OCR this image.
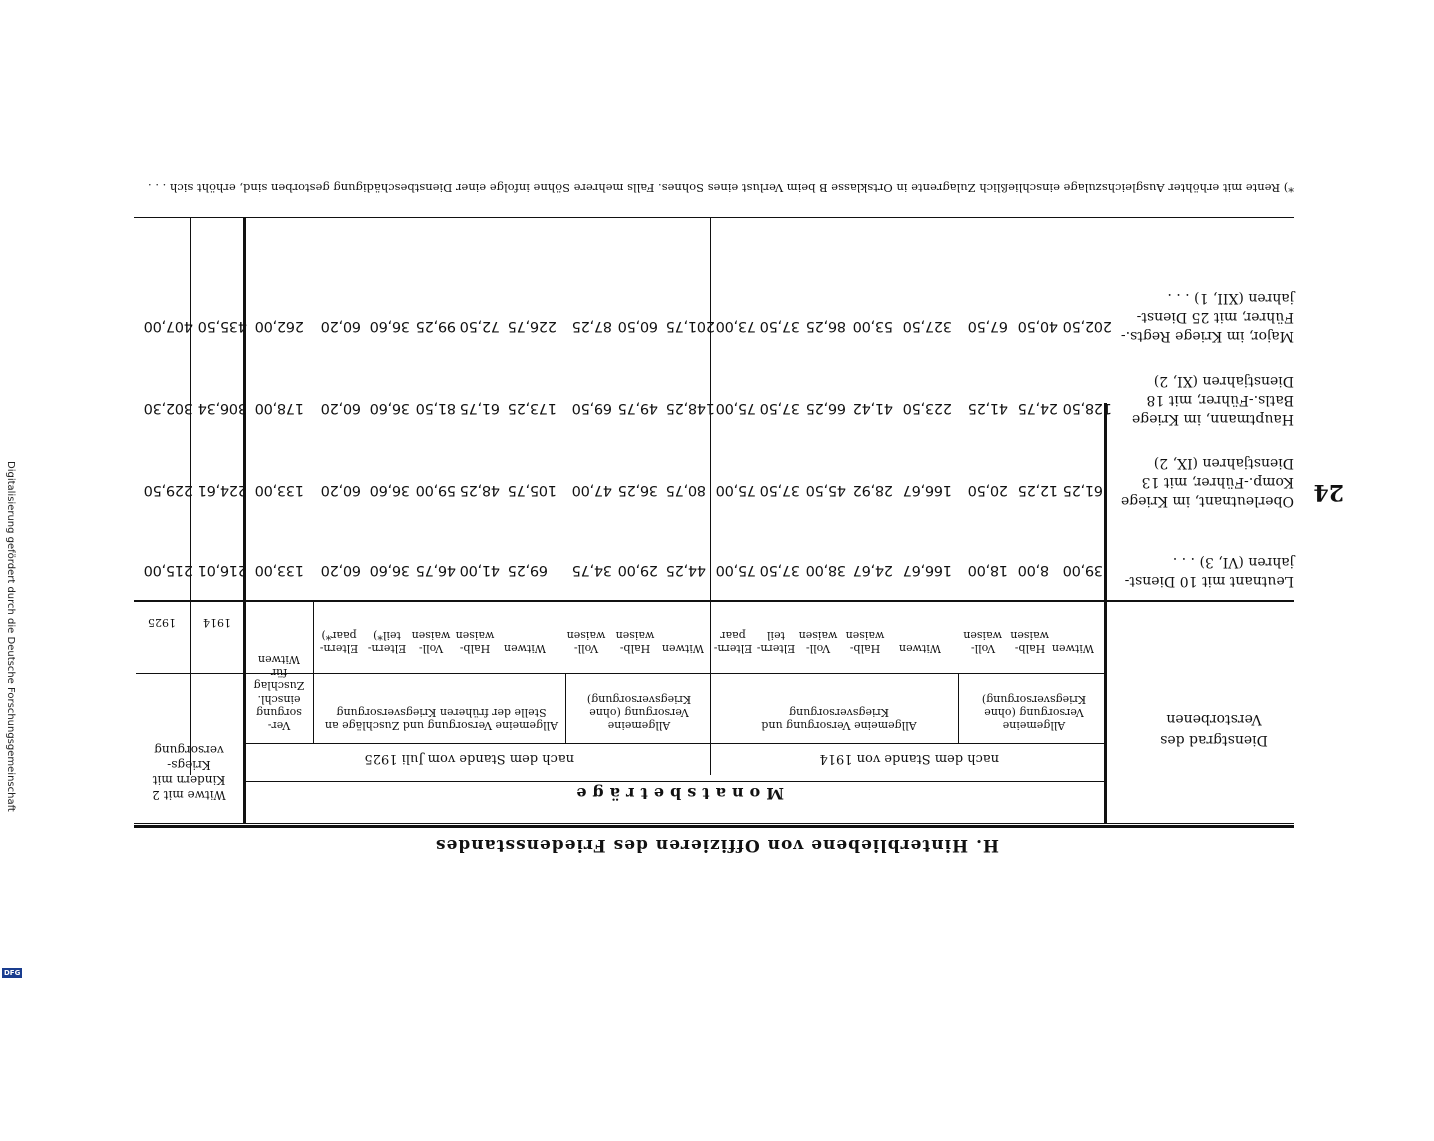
24
H. Hinterbliebene von Offizieren des Friedensstandes
Monatsbeträge
Witwe mit 2 Kindern mit Kriegs-versorgung
Dienstgrad des Verstorbenen
nach dem Stande von 1914
nach dem Stande vom Juli 1925
Allgemeine Versorgung (ohne Kriegsversorgung)
Allgemeine Versorgung und Kriegsversorgung
Allgemeine Versorgung (ohne Kriegsversorgung)
Allgemeine Versorgung und Zuschläge an Stelle der früheren Kriegsversorgung
Ver-sorgung einschl. Zuschlag für Witwen
Witwen
Halb-waisen
Voll-waisen
Witwen
Halb-waisen
Voll-waisen
Eltern-teil
Eltern-paar
Witwen
Halb-waisen
Voll-waisen
Witwen
Halb-waisen
Voll-waisen
Eltern-teil*)
Eltern-paar*)
1914
1925
Leutnant mit 10 Dienst-jahren (VI, 3) . . .
Oberleutnant, im Kriege Komp.-Führer, mit 13 Dienstjahren (IX, 2)
Hauptmann, im Kriege Batls.-Führer, mit 18 Dienstjahren (XI, 2)
Major, im Kriege Regts.-Führer, mit 25 Dienst-jahren (XII, 1) . . .
39,00
8,00
18,00
166,67
24,67
38,00
37,50
75,00
44,25
29,00
34,75
69,25
41,00
46,75
36,60
60,20
133,00
216,01
215,00
61,25
12,25
20,50
166,67
28,92
45,50
37,50
75,00
80,75
36,25
47,00
105,75
48,25
59,00
36,60
60,20
133,00
224,61
229,50
128,50
24,75
41,25
223,50
41,42
66,25
37,50
75,00
148,25
49,75
69,50
173,25
61,75
81,50
36,60
60,20
178,00
306,34
302,30
202,50
40,50
67,50
327,50
53,00
86,25
37,50
73,00
201,75
60,50
87,25
226,75
72,50
99,25
36,60
60,20
262,00
435,50
407,00
*) Rente mit erhöhter Ausgleichszulage einschließlich Zulagrente in Ortsklasse B beim Verlust eines Sohnes. Falls mehrere Söhne infolge einer Dienstbeschädigung gestorben sind, erhöht sich . . .
Digitalisierung gefördert durch die Deutsche Forschungsgemeinschaft
DFG
